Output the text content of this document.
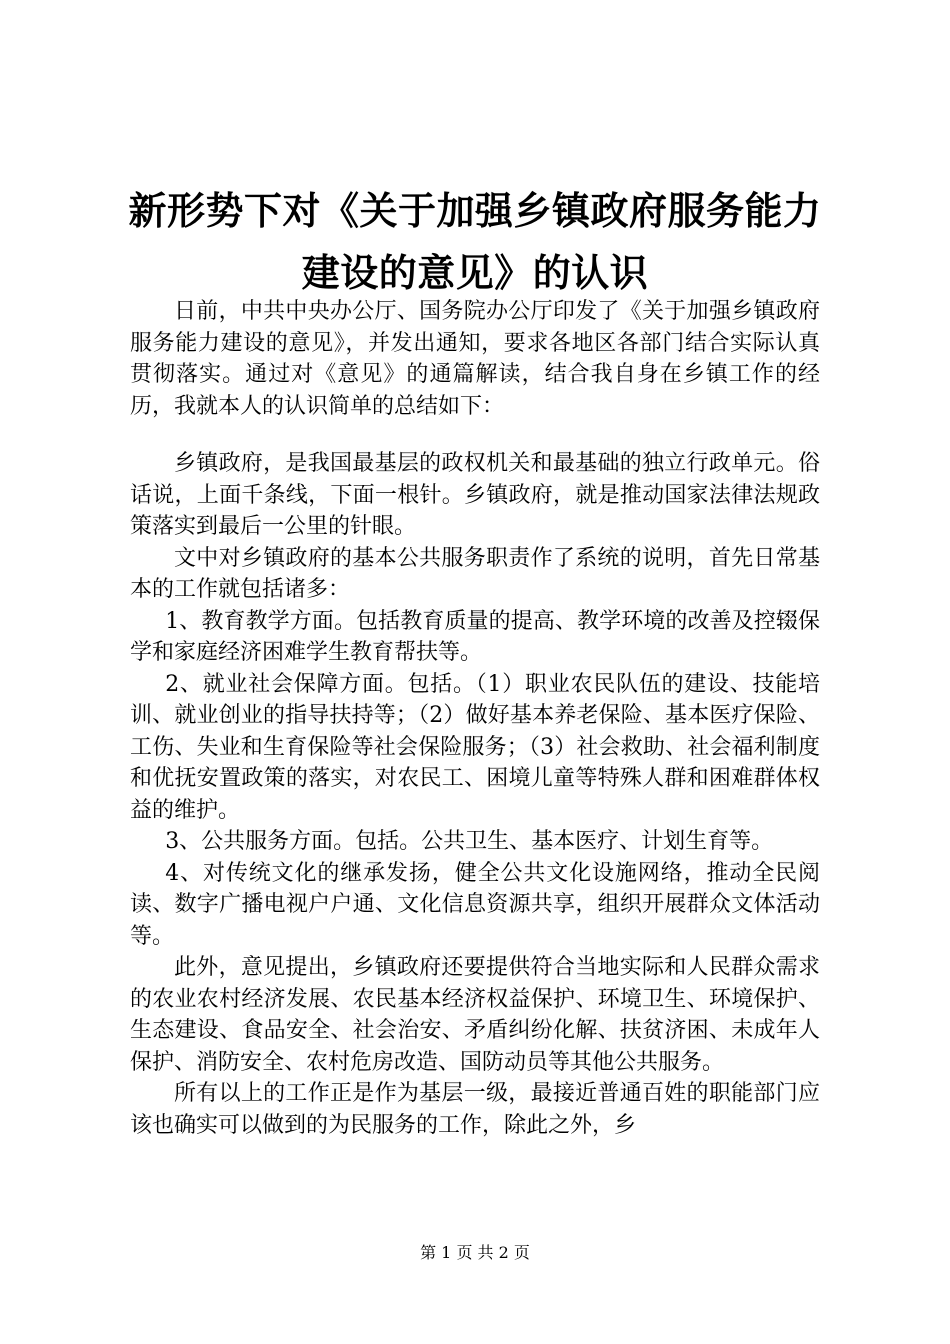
新形势下对《关于加强乡镇政府服务能力建设的意见》的认识

日前，中共中央办公厅、国务院办公厅印发了《关于加强乡镇政府服务能力建设的意见》，并发出通知，要求各地区各部门结合实际认真贯彻落实。通过对《意见》的通篇解读，结合我自身在乡镇工作的经历，我就本人的认识简单的总结如下：

乡镇政府，是我国最基层的政权机关和最基础的独立行政单元。俗话说，上面千条线，下面一根针。乡镇政府，就是推动国家法律法规政策落实到最后一公里的针眼。

文中对乡镇政府的基本公共服务职责作了系统的说明，首先日常基本的工作就包括诸多：

1、教育教学方面。包括教育质量的提高、教学环境的改善及控辍保学和家庭经济困难学生教育帮扶等。

2、就业社会保障方面。包括。（1）职业农民队伍的建设、技能培训、就业创业的指导扶持等；（2）做好基本养老保险、基本医疗保险、工伤、失业和生育保险等社会保险服务；（3）社会救助、社会福利制度和优抚安置政策的落实，对农民工、困境儿童等特殊人群和困难群体权益的维护。

3、公共服务方面。包括。公共卫生、基本医疗、计划生育等。

4、对传统文化的继承发扬，健全公共文化设施网络，推动全民阅读、数字广播电视户户通、文化信息资源共享，组织开展群众文体活动等。

此外，意见提出，乡镇政府还要提供符合当地实际和人民群众需求的农业农村经济发展、农民基本经济权益保护、环境卫生、环境保护、生态建设、食品安全、社会治安、矛盾纠纷化解、扶贫济困、未成年人保护、消防安全、农村危房改造、国防动员等其他公共服务。

所有以上的工作正是作为基层一级，最接近普通百姓的职能部门应该也确实可以做到的为民服务的工作，除此之外，乡

第 1 页 共 2 页
